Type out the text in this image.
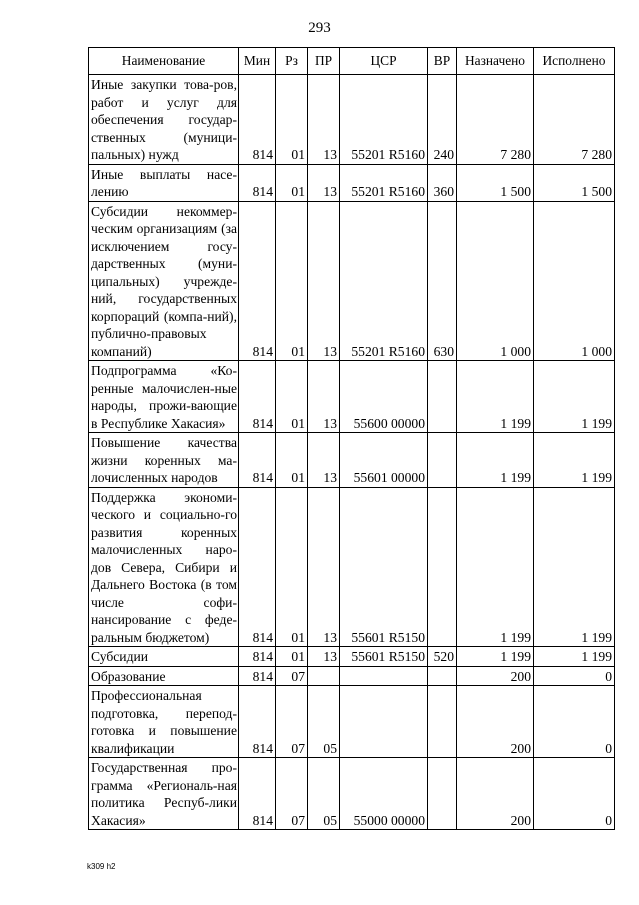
293
Наименование	Мин	Рз	ПР	ЦСР	ВР	Назначено	Исполнено

Иные закупки това-ров, работ и услуг для обеспечения государ-ственных (муници-пальных) нужд	814	01	13	55201 R5160	240	7 280	7 280

Иные выплаты насе-лению	814	01	13	55201 R5160	360	1 500	1 500

Субсидии некоммер-ческим организациям (за исключением госу-дарственных (муни-ципальных) учрежде-ний, государственных корпораций (компа-ний), публично-правовых компаний)	814	01	13	55201 R5160	630	1 000	1 000

Подпрограмма «Ко-ренные малочислен-ные народы, прожи-вающие в Республике Хакасия»	814	01	13	55600 00000		1 199	1 199

Повышение качества жизни коренных ма-лочисленных народов	814	01	13	55601 00000		1 199	1 199

Поддержка экономи-ческого и социально-го развития коренных малочисленных наро-дов Севера, Сибири и Дальнего Востока (в том числе софи-нансирование с феде-ральным бюджетом)	814	01	13	55601 R5150		1 199	1 199

Субсидии	814	01	13	55601 R5150	520	1 199	1 199

Образование	814	07				200	0

Профессиональная подготовка, перепод-готовка и повышение квалификации	814	07	05			200	0

Государственная про-грамма «Региональ-ная политика Респуб-лики Хакасия»	814	07	05	55000 00000		200	0
k309 h2
